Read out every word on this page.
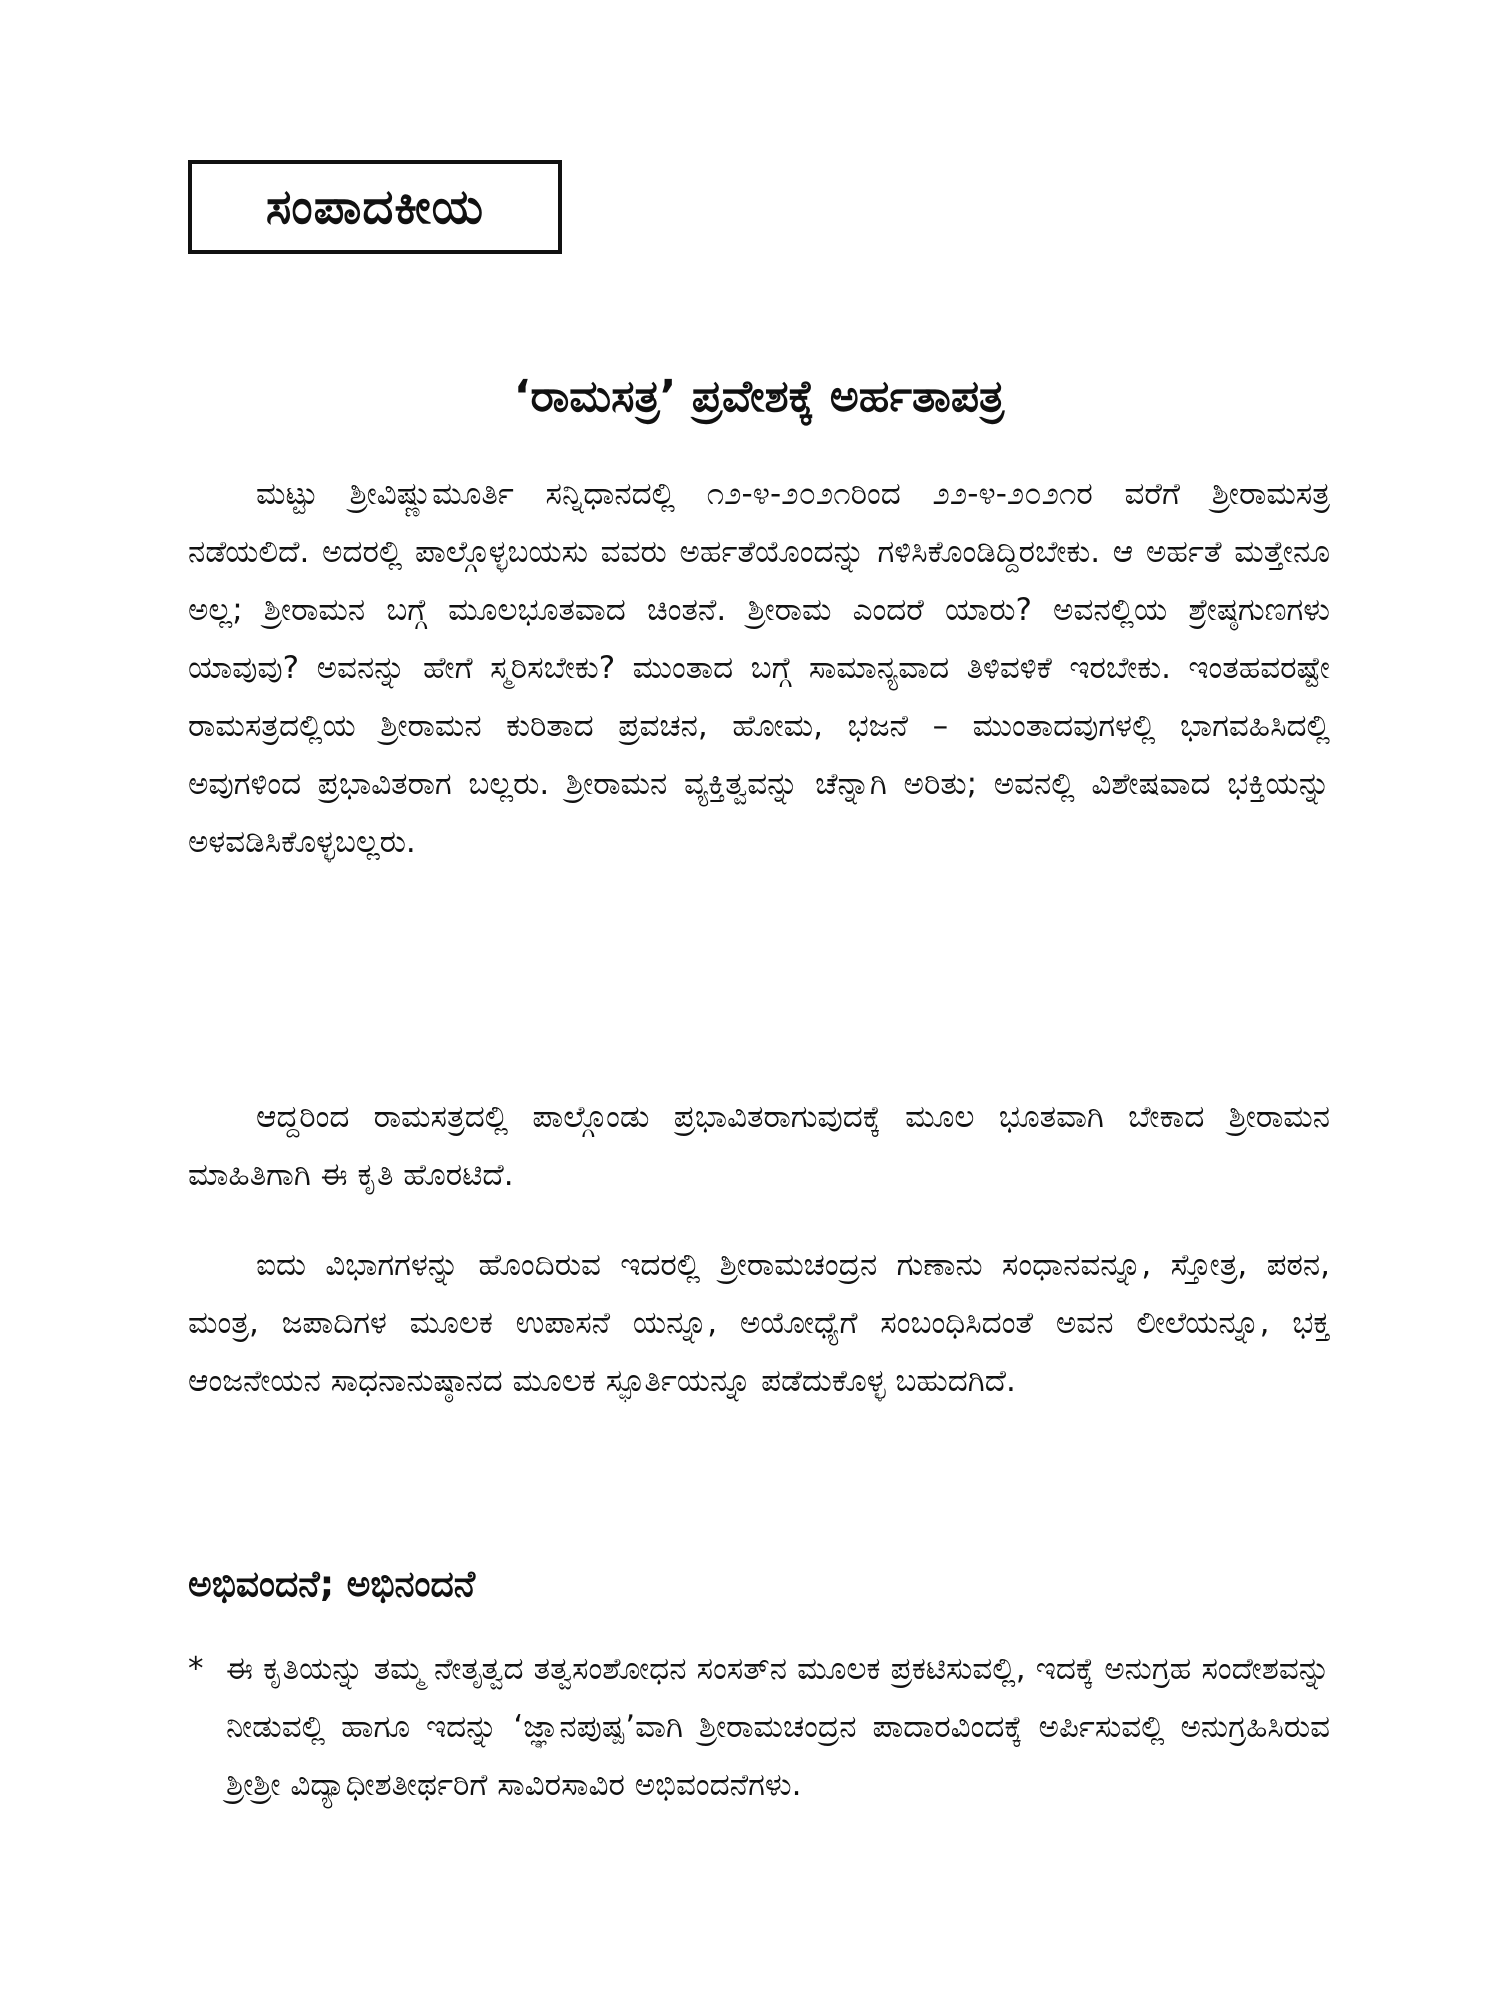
ಸಂಪಾದಕೀಯ
‘ರಾಮಸತ್ರ’ ಪ್ರವೇಶಕ್ಕೆ ಅರ್ಹತಾಪತ್ರ

ಮಟ್ಟು ಶ್ರೀವಿಷ್ಣುಮೂರ್ತಿ ಸನ್ನಿಧಾನದಲ್ಲಿ ೧೨-೪-೨೦೨೧ರಿಂದ ೨೨-೪-೨೦೨೧ರ ವರೆಗೆ ಶ್ರೀರಾಮಸತ್ರ ನಡೆಯಲಿದೆ. ಅದರಲ್ಲಿ ಪಾಲ್ಗೊಳ್ಳಬಯಸು ವವರು ಅರ್ಹತೆಯೊಂದನ್ನು ಗಳಿಸಿಕೊಂಡಿದ್ದಿರಬೇಕು. ಆ ಅರ್ಹತೆ ಮತ್ತೇನೂ ಅಲ್ಲ; ಶ್ರೀರಾಮನ ಬಗ್ಗೆ ಮೂಲಭೂತವಾದ ಚಿಂತನೆ. ಶ್ರೀರಾಮ ಎಂದರೆ ಯಾರು? ಅವನಲ್ಲಿಯ ಶ್ರೇಷ್ಠಗುಣಗಳು ಯಾವುವು? ಅವನನ್ನು ಹೇಗೆ ಸ್ಮರಿಸಬೇಕು? ಮುಂತಾದ ಬಗ್ಗೆ ಸಾಮಾನ್ಯವಾದ ತಿಳಿವಳಿಕೆ ಇರಬೇಕು. ಇಂತಹವರಷ್ಟೇ ರಾಮಸತ್ರದಲ್ಲಿಯ ಶ್ರೀರಾಮನ ಕುರಿತಾದ ಪ್ರವಚನ, ಹೋಮ, ಭಜನೆ – ಮುಂತಾದವುಗಳಲ್ಲಿ ಭಾಗವಹಿಸಿದಲ್ಲಿ ಅವುಗಳಿಂದ ಪ್ರಭಾವಿತರಾಗ ಬಲ್ಲರು. ಶ್ರೀರಾಮನ ವ್ಯಕ್ತಿತ್ವವನ್ನು ಚೆನ್ನಾಗಿ ಅರಿತು; ಅವನಲ್ಲಿ ವಿಶೇಷವಾದ ಭಕ್ತಿಯನ್ನು ಅಳವಡಿಸಿಕೊಳ್ಳಬಲ್ಲರು.

ಆದ್ದರಿಂದ ರಾಮಸತ್ರದಲ್ಲಿ ಪಾಲ್ಗೊಂಡು ಪ್ರಭಾವಿತರಾಗುವುದಕ್ಕೆ ಮೂಲ ಭೂತವಾಗಿ ಬೇಕಾದ ಶ್ರೀರಾಮನ ಮಾಹಿತಿಗಾಗಿ ಈ ಕೃತಿ ಹೊರಟಿದೆ.

ಐದು ವಿಭಾಗಗಳನ್ನು ಹೊಂದಿರುವ ಇದರಲ್ಲಿ ಶ್ರೀರಾಮಚಂದ್ರನ ಗುಣಾನು ಸಂಧಾನವನ್ನೂ, ಸ್ತೋತ್ರ, ಪಠನ, ಮಂತ್ರ, ಜಪಾದಿಗಳ ಮೂಲಕ ಉಪಾಸನೆ ಯನ್ನೂ, ಅಯೋಧ್ಯೆಗೆ ಸಂಬಂಧಿಸಿದಂತೆ ಅವನ ಲೀಲೆಯನ್ನೂ, ಭಕ್ತ ಆಂಜನೇಯನ ಸಾಧನಾನುಷ್ಠಾನದ ಮೂಲಕ ಸ್ಫೂರ್ತಿಯನ್ನೂ ಪಡೆದುಕೊಳ್ಳ ಬಹುದಗಿದೆ.

ಅಭಿವಂದನೆ; ಅಭಿನಂದನೆ
* ಈ ಕೃತಿಯನ್ನು ತಮ್ಮ ನೇತೃತ್ವದ ತತ್ವಸಂಶೋಧನ ಸಂಸತ್‌ನ ಮೂಲಕ ಪ್ರಕಟಿಸುವಲ್ಲಿ, ಇದಕ್ಕೆ ಅನುಗ್ರಹ ಸಂದೇಶವನ್ನು ನೀಡುವಲ್ಲಿ ಹಾಗೂ ಇದನ್ನು ‘ಜ್ಞಾನಪುಷ್ಪ’ವಾಗಿ ಶ್ರೀರಾಮಚಂದ್ರನ ಪಾದಾರವಿಂದಕ್ಕೆ ಅರ್ಪಿಸುವಲ್ಲಿ ಅನುಗ್ರಹಿಸಿರುವ ಶ್ರೀಶ್ರೀ ವಿದ್ಯಾಧೀಶತೀರ್ಥರಿಗೆ ಸಾವಿರಸಾವಿರ ಅಭಿವಂದನೆಗಳು.
